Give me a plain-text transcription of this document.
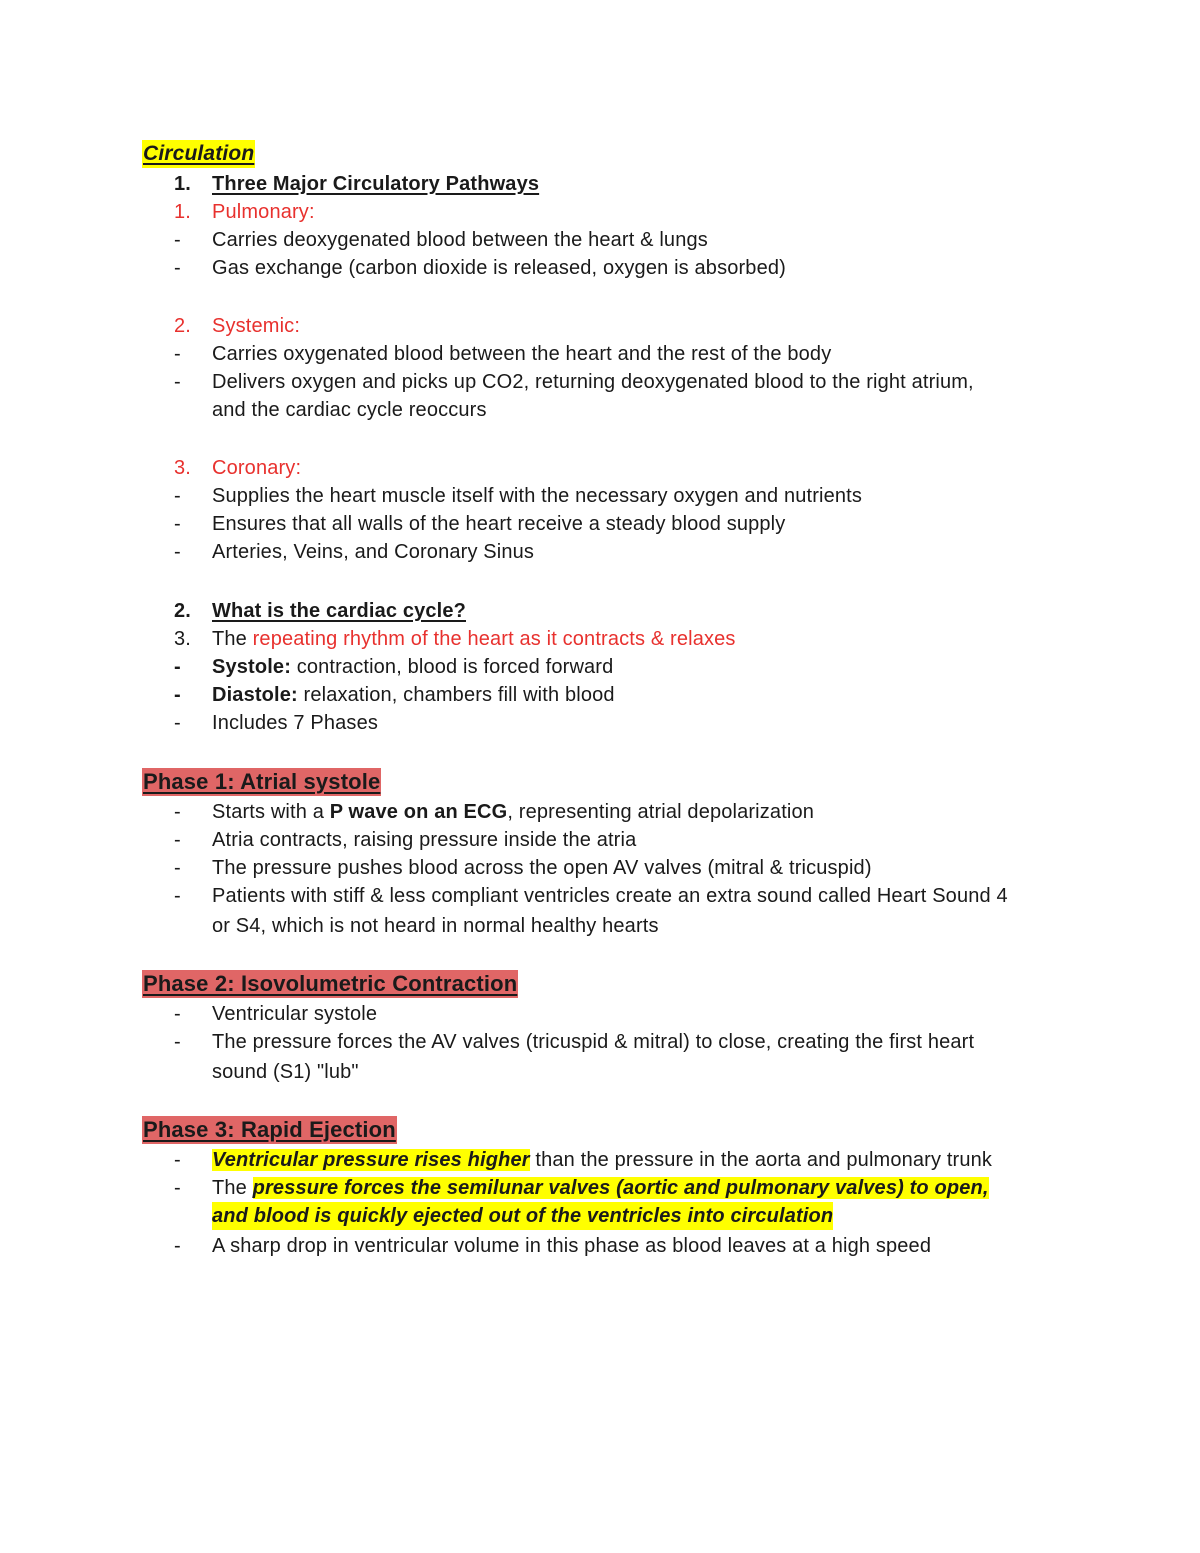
Circulation
1. Three Major Circulatory Pathways
1. Pulmonary:
- Carries deoxygenated blood between the heart & lungs
- Gas exchange (carbon dioxide is released, oxygen is absorbed)
2. Systemic:
- Carries oxygenated blood between the heart and the rest of the body
- Delivers oxygen and picks up CO2, returning deoxygenated blood to the right atrium,
and the cardiac cycle reoccurs
3. Coronary:
- Supplies the heart muscle itself with the necessary oxygen and nutrients
- Ensures that all walls of the heart receive a steady blood supply
- Arteries, Veins, and Coronary Sinus
2. What is the cardiac cycle?
3. The repeating rhythm of the heart as it contracts & relaxes
- Systole: contraction, blood is forced forward
- Diastole: relaxation, chambers fill with blood
- Includes 7 Phases
Phase 1: Atrial systole
- Starts with a P wave on an ECG, representing atrial depolarization
- Atria contracts, raising pressure inside the atria
- The pressure pushes blood across the open AV valves (mitral & tricuspid)
- Patients with stiff & less compliant ventricles create an extra sound called Heart Sound 4
or S4, which is not heard in normal healthy hearts
Phase 2: Isovolumetric Contraction
- Ventricular systole
- The pressure forces the AV valves (tricuspid & mitral) to close, creating the first heart
sound (S1) "lub"
Phase 3: Rapid Ejection
- Ventricular pressure rises higher than the pressure in the aorta and pulmonary trunk
- The pressure forces the semilunar valves (aortic and pulmonary valves) to open,
and blood is quickly ejected out of the ventricles into circulation
- A sharp drop in ventricular volume in this phase as blood leaves at a high speed
